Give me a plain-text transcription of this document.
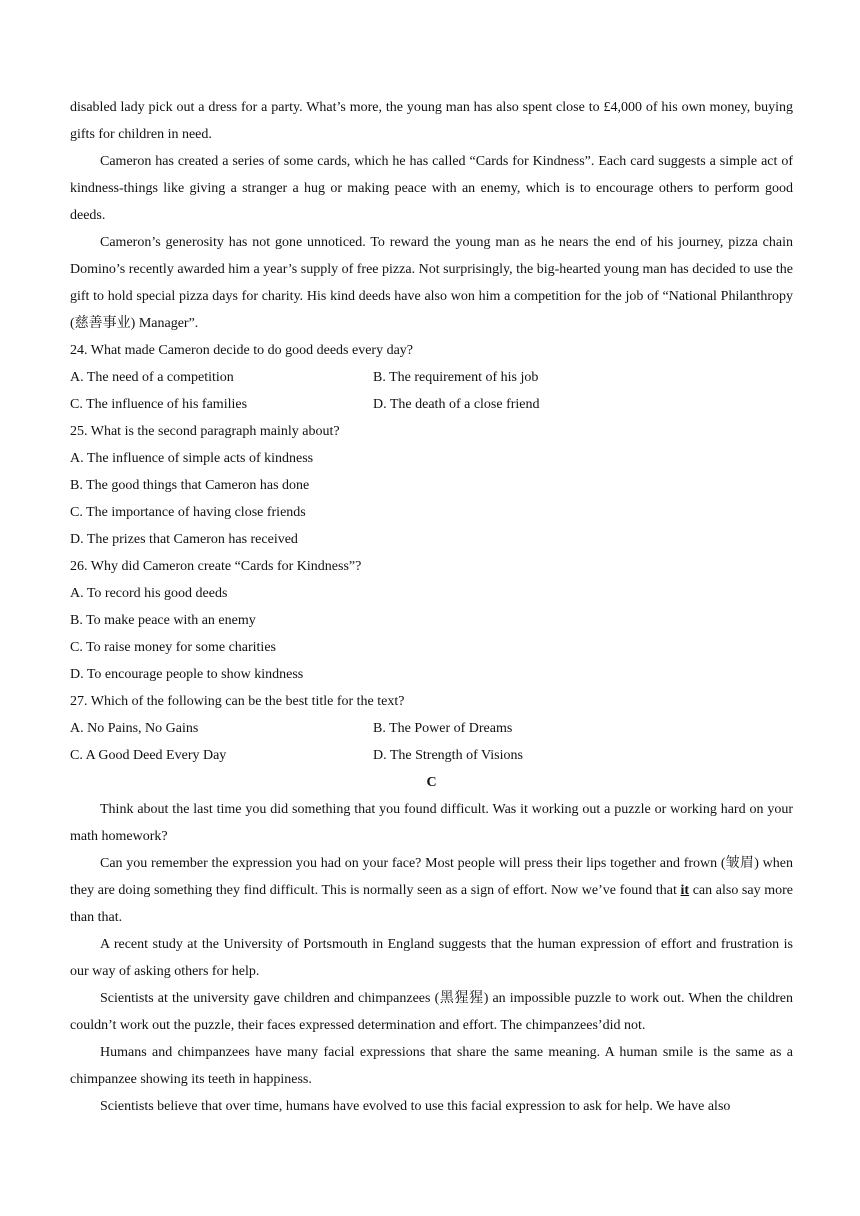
disabled lady pick out a dress for a party. What’s more, the young man has also spent close to £4,000 of his own money, buying gifts for children in need.

Cameron has created a series of some cards, which he has called “Cards for Kindness”. Each card suggests a simple act of kindness-things like giving a stranger a hug or making peace with an enemy, which is to encourage others to perform good deeds.

Cameron’s generosity has not gone unnoticed. To reward the young man as he nears the end of his journey, pizza chain Domino’s recently awarded him a year’s supply of free pizza. Not surprisingly, the big-hearted young man has decided to use the gift to hold special pizza days for charity. His kind deeds have also won him a competition for the job of “National Philanthropy (慈善事业) Manager”.

24. What made Cameron decide to do good deeds every day?
A. The need of a competition	B. The requirement of his job
C. The influence of his families	D. The death of a close friend
25. What is the second paragraph mainly about?
A. The influence of simple acts of kindness
B. The good things that Cameron has done
C. The importance of having close friends
D. The prizes that Cameron has received
26. Why did Cameron create “Cards for Kindness”?
A. To record his good deeds
B. To make peace with an enemy
C. To raise money for some charities
D. To encourage people to show kindness
27. Which of the following can be the best title for the text?
A. No Pains, No Gains	B. The Power of Dreams
C. A Good Deed Every Day	D. The Strength of Visions
C

Think about the last time you did something that you found difficult. Was it working out a puzzle or working hard on your math homework?

Can you remember the expression you had on your face? Most people will press their lips together and frown (皱眉) when they are doing something they find difficult. This is normally seen as a sign of effort. Now we’ve found that it can also say more than that.

A recent study at the University of Portsmouth in England suggests that the human expression of effort and frustration is our way of asking others for help.

Scientists at the university gave children and chimpanzees (黑猩猩) an impossible puzzle to work out. When the children couldn’t work out the puzzle, their faces expressed determination and effort. The chimpanzees’did not.

Humans and chimpanzees have many facial expressions that share the same meaning. A human smile is the same as a chimpanzee showing its teeth in happiness.

Scientists believe that over time, humans have evolved to use this facial expression to ask for help. We have also
